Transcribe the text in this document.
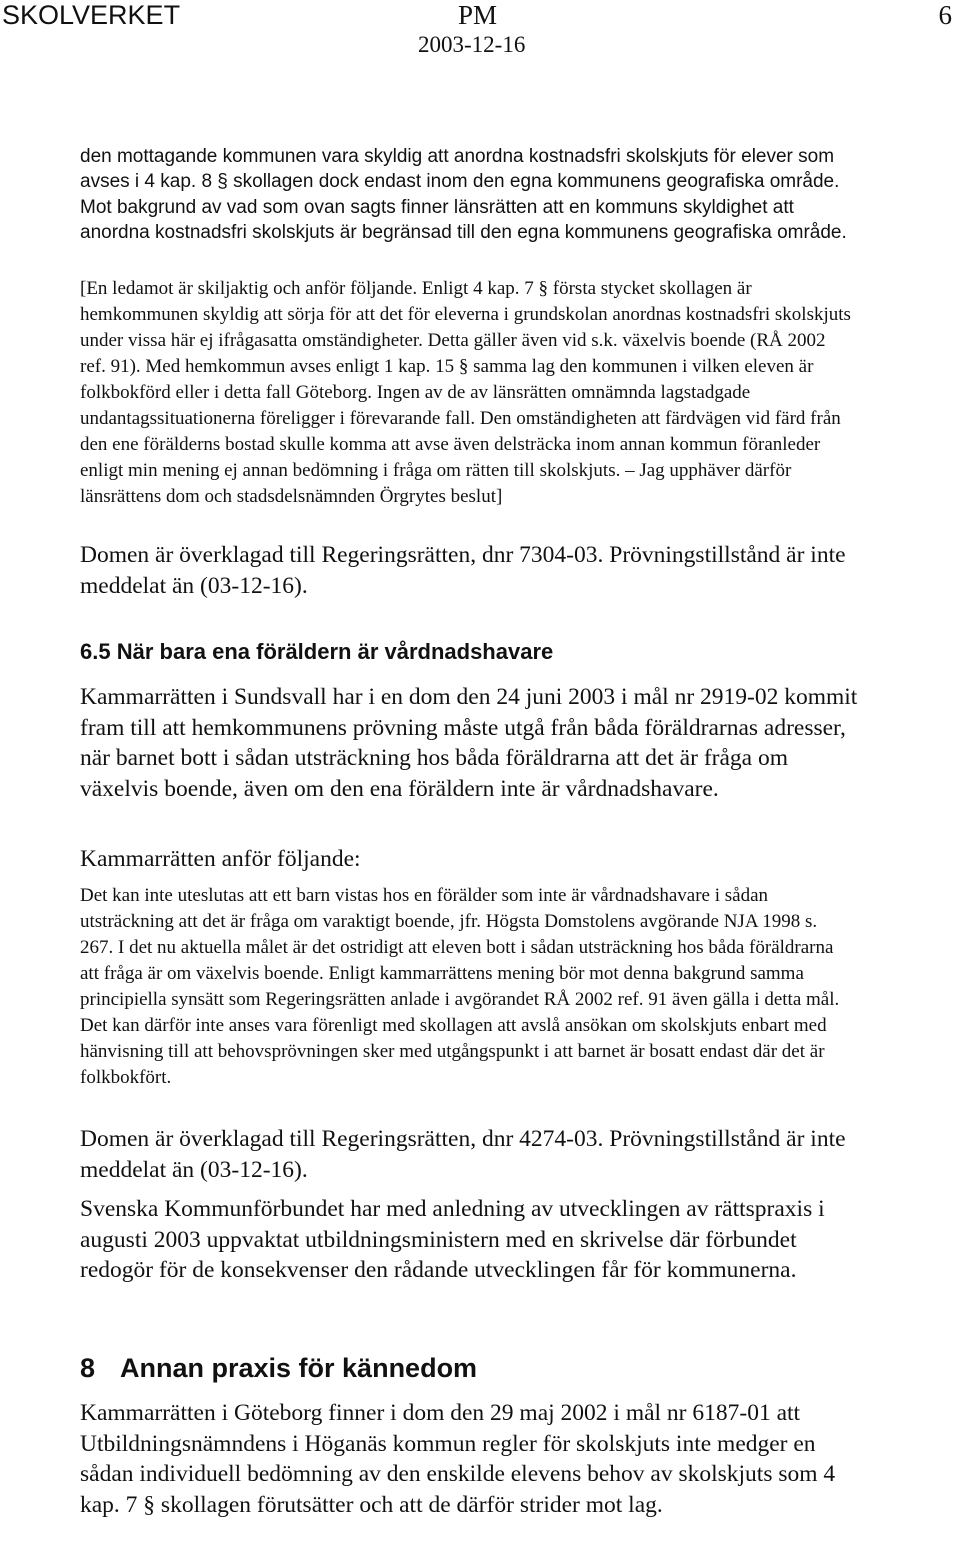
SKOLVERKET	PM	6
2003-12-16

den mottagande kommunen vara skyldig att anordna kostnadsfri skolskjuts för elever som avses i 4 kap. 8 § skollagen dock endast inom den egna kommunens geografiska område. Mot bakgrund av vad som ovan sagts finner länsrätten att en kommuns skyldighet att anordna kostnadsfri skolskjuts är begränsad till den egna kommunens geografiska område.

[En ledamot är skiljaktig och anför följande. Enligt 4 kap. 7 § första stycket skollagen är hemkommunen skyldig att sörja för att det för eleverna i grundskolan anordnas kostnadsfri skolskjuts under vissa här ej ifrågasatta omständigheter. Detta gäller även vid s.k. växelvis boende (RÅ 2002 ref. 91). Med hemkommun avses enligt 1 kap. 15 § samma lag den kommunen i vilken eleven är folkbokförd eller i detta fall Göteborg. Ingen av de av länsrätten omnämnda lagstadgade undantagssituationerna föreligger i förevarande fall. Den omständigheten att färdvägen vid färd från den ene förälderns bostad skulle komma att avse även delsträcka inom annan kommun föranleder enligt min mening ej annan bedömning i fråga om rätten till skolskjuts. – Jag upphäver därför länsrättens dom och stadsdelsnämnden Örgrytes beslut]

Domen är överklagad till Regeringsrätten, dnr 7304-03. Prövningstillstånd är inte meddelat än (03-12-16).

6.5 När bara ena föräldern är vårdnadshavare

Kammarrätten i Sundsvall har i en dom den 24 juni 2003 i mål nr 2919-02 kommit fram till att hemkommunens prövning måste utgå från båda föräldrarnas adresser, när barnet bott i sådan utsträckning hos båda föräldrarna att det är fråga om växelvis boende, även om den ena föräldern inte är vårdnadshavare.

Kammarrätten anför följande:

Det kan inte uteslutas att ett barn vistas hos en förälder som inte är vårdnadshavare i sådan utsträckning att det är fråga om varaktigt boende, jfr. Högsta Domstolens avgörande NJA 1998 s. 267. I det nu aktuella målet är det ostridigt att eleven bott i sådan utsträckning hos båda föräldrarna att fråga är om växelvis boende. Enligt kammarrättens mening bör mot denna bakgrund samma principiella synsätt som Regeringsrätten anlade i avgörandet RÅ 2002 ref. 91 även gälla i detta mål. Det kan därför inte anses vara förenligt med skollagen att avslå ansökan om skolskjuts enbart med hänvisning till att behovsprövningen sker med utgångspunkt i att barnet är bosatt endast där det är folkbokfört.

Domen är överklagad till Regeringsrätten, dnr 4274-03. Prövningstillstånd är inte meddelat än (03-12-16).

Svenska Kommunförbundet har med anledning av utvecklingen av rättspraxis i augusti 2003 uppvaktat utbildningsministern med en skrivelse där förbundet redogör för de konsekvenser den rådande utvecklingen får för kommunerna.

8 Annan praxis för kännedom

Kammarrätten i Göteborg finner i dom den 29 maj 2002 i mål nr 6187-01 att Utbildningsnämndens i Höganäs kommun regler för skolskjuts inte medger en sådan individuell bedömning av den enskilde elevens behov av skolskjuts som 4 kap. 7 § skollagen förutsätter och att de därför strider mot lag.
